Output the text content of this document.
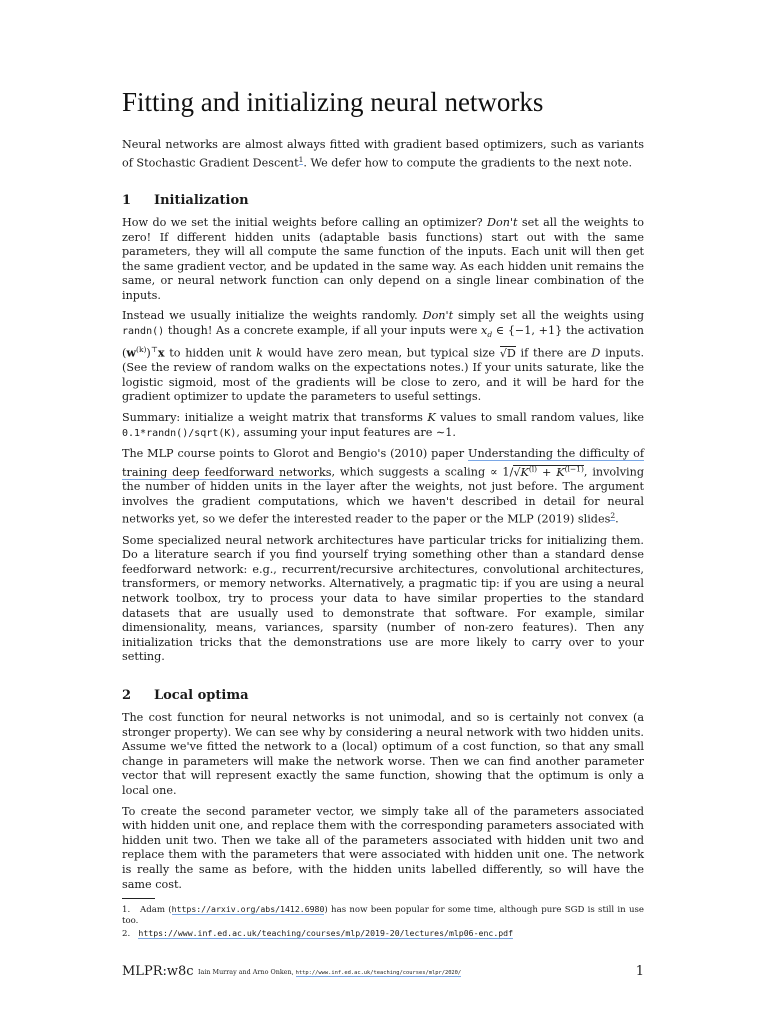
Fitting and initializing neural networks

Neural networks are almost always fitted with gradient based optimizers, such as variants of Stochastic Gradient Descent$^1$. We defer how to compute the gradients to the next note.

1 Initialization

How do we set the initial weights before calling an optimizer? Don't set all the weights to zero! If different hidden units (adaptable basis functions) start out with the same parameters, they will all compute the same function of the inputs. Each unit will then get the same gradient vector, and be updated in the same way. As each hidden unit remains the same, or neural network function can only depend on a single linear combination of the inputs.

Instead we usually initialize the weights randomly. Don't simply set all the weights using randn() though! As a concrete example, if all your inputs were $x_d$ ∈ {−1, +1} the activation $(w^{(k)})^⊤x$ to hidden unit k would have zero mean, but typical size √D if there are D inputs. (See the review of random walks on the expectations notes.) If your units saturate, like the logistic sigmoid, most of the gradients will be close to zero, and it will be hard for the gradient optimizer to update the parameters to useful settings.

Summary: initialize a weight matrix that transforms K values to small random values, like 0.1*randn()/sqrt(K), assuming your input features are ∼1.

The MLP course points to Glorot and Bengio's (2010) paper Understanding the difficulty of training deep feedforward networks, which suggests a scaling ∝ $1/√K^{(l)} + K^{(l-1)}$, involving the number of hidden units in the layer after the weights, not just before. The argument involves the gradient computations, which we haven't described in detail for neural networks yet, so we defer the interested reader to the paper or the MLP (2019) slides$^2$.

Some specialized neural network architectures have particular tricks for initializing them. Do a literature search if you find yourself trying something other than a standard dense feedforward network: e.g., recurrent/recursive architectures, convolutional architectures, transformers, or memory networks. Alternatively, a pragmatic tip: if you are using a neural network toolbox, try to process your data to have similar properties to the standard datasets that are usually used to demonstrate that software. For example, similar dimensionality, means, variances, sparsity (number of non-zero features). Then any initialization tricks that the demonstrations use are more likely to carry over to your setting.

2 Local optima

The cost function for neural networks is not unimodal, and so is certainly not convex (a stronger property). We can see why by considering a neural network with two hidden units. Assume we've fitted the network to a (local) optimum of a cost function, so that any small change in parameters will make the network worse. Then we can find another parameter vector that will represent exactly the same function, showing that the optimum is only a local one.

To create the second parameter vector, we simply take all of the parameters associated with hidden unit one, and replace them with the corresponding parameters associated with hidden unit two. Then we take all of the parameters associated with hidden unit two and replace them with the parameters that were associated with hidden unit one. The network is really the same as before, with the hidden units labelled differently, so will have the same cost.

1. Adam (https://arxiv.org/abs/1412.6980) has now been popular for some time, although pure SGD is still in use too.
2. https://www.inf.ed.ac.uk/teaching/courses/mlp/2019-20/lectures/mlp06-enc.pdf
MLPR:w8c Iain Murray and Arno Onken, http://www.inf.ed.ac.uk/teaching/courses/mlpr/2020/	1
